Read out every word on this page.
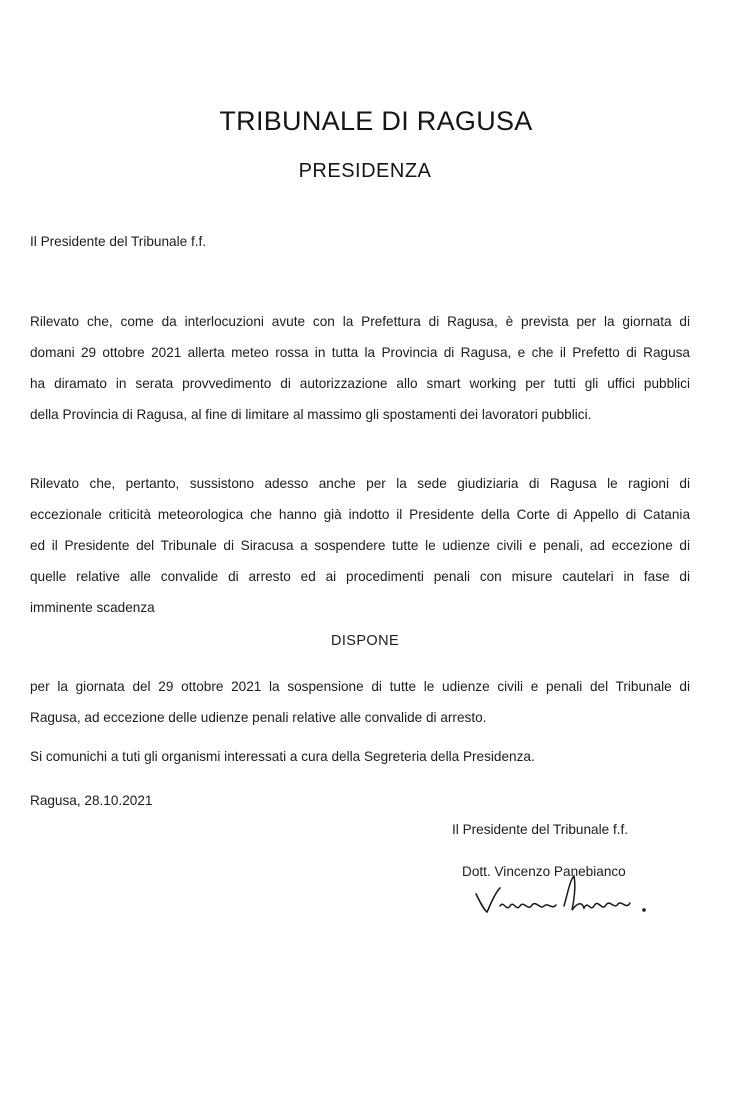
TRIBUNALE DI RAGUSA
PRESIDENZA
Il Presidente del Tribunale f.f.
Rilevato che, come da interlocuzioni avute con la Prefettura di Ragusa, è prevista per la giornata di
domani 29 ottobre 2021 allerta meteo rossa in tutta la Provincia di Ragusa, e che il Prefetto di Ragusa
ha diramato in serata provvedimento di autorizzazione allo smart working per tutti gli uffici pubblici
della Provincia di Ragusa, al fine di limitare al massimo gli spostamenti dei lavoratori pubblici.
Rilevato che, pertanto, sussistono adesso anche per la sede giudiziaria di Ragusa le ragioni di
eccezionale criticità meteorologica che hanno già indotto il Presidente della Corte di Appello di Catania
ed il Presidente del Tribunale di Siracusa a sospendere tutte le udienze civili e penali, ad eccezione di
quelle relative alle convalide di arresto ed ai procedimenti penali con misure cautelari in fase di
imminente scadenza
DISPONE
per la giornata del 29 ottobre 2021 la sospensione di tutte le udienze civili e penali del Tribunale di
Ragusa, ad eccezione delle udienze penali relative alle convalide di arresto.
Si comunichi a tuti gli organismi interessati a cura della Segreteria della Presidenza.
Ragusa, 28.10.2021
Il Presidente del Tribunale f.f.
Dott. Vincenzo Panebianco
